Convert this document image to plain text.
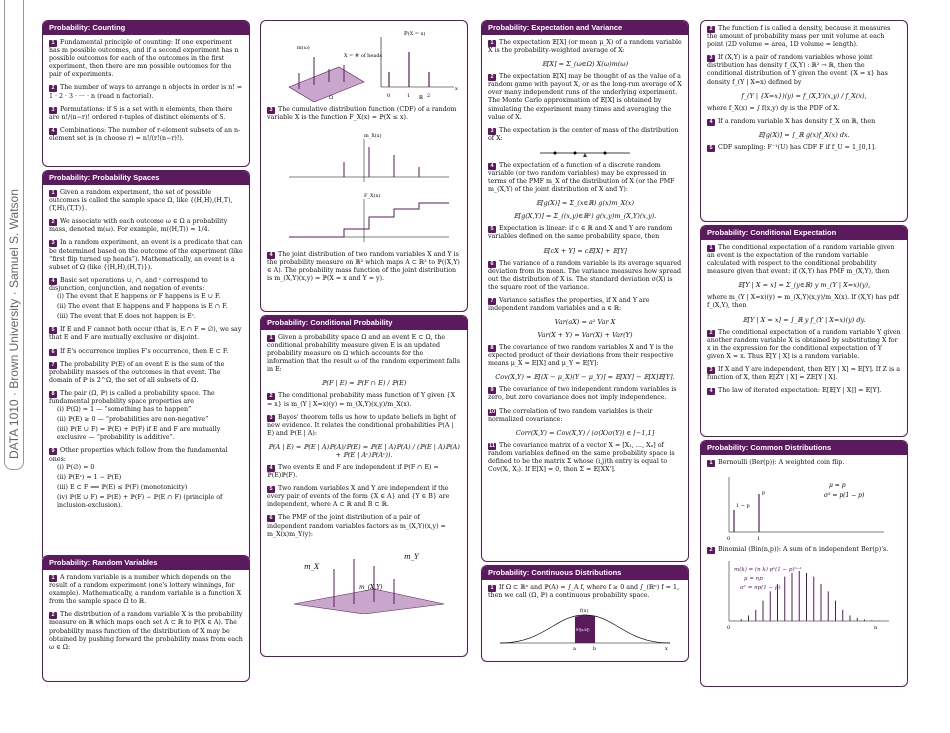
DATA 1010 · Brown University · Samuel S. Watson
Probability: Counting
1 Fundamental principle of counting: If one experiment has m possible outcomes, and if a second experiment has n possible outcomes for each of the outcomes in the first experiment, then there are mn possible outcomes for the pair of experiments.
2 The number of ways to arrange n objects in order is n! = 1 · 2 · 3 · ··· · n (read n factorial).
3 Permutations: if S is a set with n elements, then there are n!/(n−r)! ordered r-tuples of distinct elements of S.
4 Combinations: The number of r-element subsets of an n-element set is (n choose r) = n!/(r!(n−r)!).
Probability: Probability Spaces
1 Given a random experiment, the set of possible outcomes is called the sample space Ω, like {(H,H),(H,T),(T,H),(T,T)}.
2 We associate with each outcome ω ∈ Ω a probability mass, denoted m(ω). For example, m((H,T)) = 1/4.
3 In a random experiment, an event is a predicate that can be determined based on the outcome of the experiment (like “first flip turned up heads”). Mathematically, an event is a subset of Ω (like {(H,H),(H,T)}).
4 Basic set operations ∪, ∩, and ᶜ correspond to disjunction, conjunction, and negation of events:
(i) The event that E happens or F happens is E ∪ F.
(ii) The event that E happens and F happens is E ∩ F.
(iii) The event that E does not happen is Eᶜ.
5 If E and F cannot both occur (that is, E ∩ F = ∅), we say that E and F are mutually exclusive or disjoint.
6 If E's occurrence implies F's occurrence, then E ⊂ F.
7 The probability ℙ(E) of an event E is the sum of the probability masses of the outcomes in that event. The domain of ℙ is 2^Ω, the set of all subsets of Ω.
8 The pair (Ω, ℙ) is called a probability space. The fundamental probability space properties are
(i) ℙ(Ω) = 1 — “something has to happen”
(ii) ℙ(E) ≥ 0 — “probabilities are non-negative”
(iii) ℙ(E ∪ F) = ℙ(E) + ℙ(F) if E and F are mutually exclusive — “probability is additive”.
9 Other properties which follow from the fundamental ones:
(i) ℙ(∅) = 0
(ii) ℙ(Eᶜ) = 1 − ℙ(E)
(iii) E ⊂ F ⟹ ℙ(E) ≤ ℙ(F) (monotonicity)
(iv) ℙ(E ∪ F) = ℙ(E) + ℙ(F) − ℙ(E ∩ F) (principle of inclusion-exclusion).
Probability: Random Variables
1 A random variable is a number which depends on the result of a random experiment (one's lottery winnings, for example). Mathematically, a random variable is a function X from the sample space Ω to ℝ.
2 The distribution of a random variable X is the probability measure on ℝ which maps each set A ⊂ ℝ to ℙ(X ∈ A). The probability mass function of the distribution of X may be obtained by pushing forward the probability mass from each ω ∈ Ω:
m(ω)
X = # of heads
ℙ(X = x)
0	1	2
x
Ω	ℝ
3 The cumulative distribution function (CDF) of a random variable X is the function F_X(x) = ℙ(X ≤ x).
m_X(x)
F_X(x)
4 The joint distribution of two random variables X and Y is the probability measure on ℝ² which maps A ⊂ ℝ² to ℙ((X,Y) ∈ A). The probability mass function of the joint distribution is m_(X,Y)(x,y) = ℙ(X = x and Y = y).
Probability: Conditional Probability
1 Given a probability space Ω and an event E ⊂ Ω, the conditional probability measure given E is an updated probability measure on Ω which accounts for the information that the result ω of the random experiment falls in E:
ℙ(F | E) = ℙ(F ∩ E) / ℙ(E)
2 The conditional probability mass function of Y given {X = x} is m_(Y | X=x)(y) = m_(X,Y)(x,y)/m_X(x).
3 Bayes' theorem tells us how to update beliefs in light of new evidence. It relates the conditional probabilities ℙ(A | E) and ℙ(E | A):
ℙ(A | E) = ℙ(E | A)ℙ(A)/ℙ(E) = ℙ(E | A)ℙ(A) / (ℙ(E | A)ℙ(A) + ℙ(E | Aᶜ)ℙ(Aᶜ)).
4 Two events E and F are independent if ℙ(F ∩ E) = ℙ(E)ℙ(F).
5 Two random variables X and Y are independent if the every pair of events of the form {X ∈ A} and {Y ∈ B} are independent, where A ⊂ ℝ and B ⊂ ℝ.
6 The PMF of the joint distribution of a pair of independent random variables factors as m_(X,Y)(x,y) = m_X(x)m_Y(y):
m_X
m_Y
m_(X,Y)
Probability: Expectation and Variance
1 The expectation 𝔼[X] (or mean μ_X) of a random variable X is the probability-weighted average of X:
𝔼[X] = Σ_(ω∈Ω) X(ω)m(ω)
2 The expectation 𝔼[X] may be thought of as the value of a random game with payout X, or as the long-run average of X over many independent runs of the underlying experiment. The Monte Carlo approximation of 𝔼[X] is obtained by simulating the experiment many times and averaging the value of X.
3 The expectation is the center of mass of the distribution of X:
4 The expectation of a function of a discrete random variable (or two random variables) may be expressed in terms of the PMF m_X of the distribution of X (or the PMF m_(X,Y) of the joint distribution of X and Y):
𝔼[g(X)] = Σ_(x∈ℝ) g(x)m_X(x)
𝔼[g(X,Y)] = Σ_((x,y)∈ℝ²) g(x,y)m_(X,Y)(x,y).
5 Expectation is linear: if c ∈ ℝ and X and Y are random variables defined on the same probability space, then
𝔼[cX + Y] = c𝔼[X] + 𝔼[Y]
6 The variance of a random variable is its average squared deviation from its mean. The variance measures how spread out the distribution of X is. The standard deviation σ(X) is the square root of the variance.
7 Variance satisfies the properties, if X and Y are independent random variables and a ∈ ℝ:
Var(aX) = a² Var X
Var(X + Y) = Var(X) + Var(Y)
8 The covariance of two random variables X and Y is the expected product of their deviations from their respective means μ_X = 𝔼[X] and μ_Y = 𝔼[Y]:
Cov(X,Y) = 𝔼[(X − μ_X)(Y − μ_Y)] = 𝔼[XY] − 𝔼[X]𝔼[Y].
9 The covariance of two independent random variables is zero, but zero covariance does not imply independence.
10 The correlation of two random variables is their normalized covariance:
Corr(X,Y) = Cov(X,Y) / (σ(X)σ(Y)) ∈ [−1,1]
11 The covariance matrix of a vector X = [X₁, …, Xₙ] of random variables defined on the same probability space is defined to be the matrix Σ whose (i,j)th entry is equal to Cov(Xᵢ, Xⱼ). If 𝔼[X] = 0, then Σ = 𝔼[XX'].
Probability: Continuous Distributions
1 If Ω ⊂ ℝⁿ and ℙ(A) = ∫_A f, where f ≥ 0 and ∫_(ℝⁿ) f = 1, then we call (Ω, ℙ) a continuous probability space.
f(x)
ℙ([a,b])
a	b	x
2 The function f is called a density, because it measures the amount of probability mass per unit volume at each point (2D volume = area, 1D volume = length).
3 If (X,Y) is a pair of random variables whose joint distribution has density f_(X,Y) : ℝ² → ℝ, then the conditional distribution of Y given the event {X = x} has density f_(Y | X=x) defined by
f_(Y | {X=x})(y) = f_(X,Y)(x,y) / f_X(x),
where f_X(x) = ∫ f(x,y) dy is the PDF of X.
4 If a random variable X has density f_X on ℝ, then
𝔼[g(X)] = ∫_ℝ g(x)f_X(x) dx.
5 CDF sampling: F⁻¹(U) has CDF F if f_U = 1_[0,1].
Probability: Conditional Expectation
1 The conditional expectation of a random variable given an event is the expectation of the random variable calculated with respect to the conditional probability measure given that event: if (X,Y) has PMF m_(X,Y), then
𝔼[Y | X = x] = Σ_(y∈ℝ) y m_(Y | X=x)(y),
where m_(Y | X=x)(y) = m_(X,Y)(x,y)/m_X(x). If (X,Y) has pdf f_(X,Y), then
𝔼[Y | X = x] = ∫_ℝ y f_(Y | X=x)(y) dy.
2 The conditional expectation of a random variable Y given another random variable X is obtained by substituting X for x in the expression for the conditional expectation of Y given X = x. Thus 𝔼[Y | X] is a random variable.
3 If X and Y are independent, then 𝔼[Y | X] = 𝔼[Y]. If Z is a function of X, then 𝔼[ZY | X] = Z𝔼[Y | X].
4 The law of iterated expectation: 𝔼[𝔼[Y | X]] = 𝔼[Y].
Probability: Common Distributions
1 Bernoulli (Ber(p)): A weighted coin flip.
1 − p
p
μ = p
σ² = p(1 − p)
0	1
2 Binomial (Bin(n,p)): A sum of n independent Ber(p)'s.
m(k) = (n k) pᵏ(1 − p)ⁿ⁻ᵏ
μ = np
σ² = np(1 − p)
0	n
